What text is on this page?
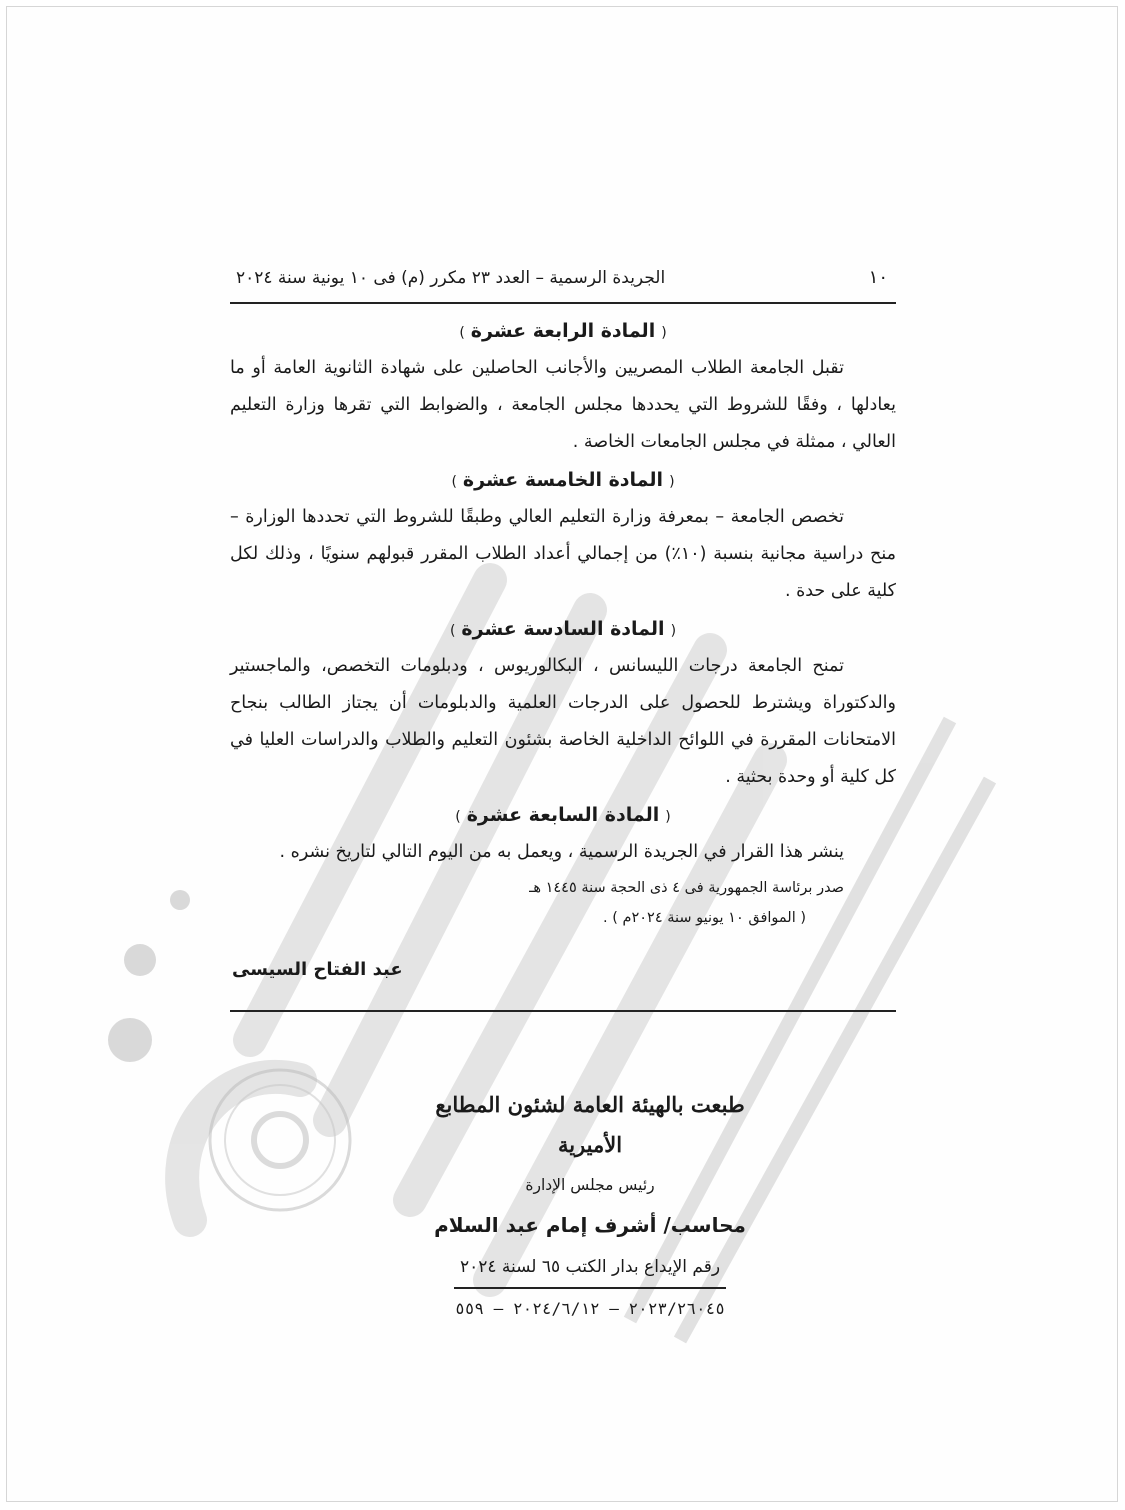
١٠
الجريدة الرسمية – العدد ٢٣ مكرر (م) فى ١٠ يونية سنة ٢٠٢٤

(المادة الرابعة عشرة)

تقبل الجامعة الطلاب المصريين والأجانب الحاصلين على شهادة الثانوية العامة أو ما يعادلها ، وفقًا للشروط التي يحددها مجلس الجامعة ، والضوابط التي تقرها وزارة التعليم العالي ، ممثلة في مجلس الجامعات الخاصة .

(المادة الخامسة عشرة)

تخصص الجامعة – بمعرفة وزارة التعليم العالي وطبقًا للشروط التي تحددها الوزارة – منح دراسية مجانية بنسبة (١٠٪) من إجمالي أعداد الطلاب المقرر قبولهم سنويًا ، وذلك لكل كلية على حدة .

(المادة السادسة عشرة)

تمنح الجامعة درجات الليسانس ، البكالوريوس ، ودبلومات التخصص، والماجستير والدكتوراة ويشترط للحصول على الدرجات العلمية والدبلومات أن يجتاز الطالب بنجاح الامتحانات المقررة في اللوائح الداخلية الخاصة بشئون التعليم والطلاب والدراسات العليا في كل كلية أو وحدة بحثية .

(المادة السابعة عشرة)

ينشر هذا القرار في الجريدة الرسمية ، ويعمل به من اليوم التالي لتاريخ نشره .

صدر برئاسة الجمهورية فى ٤ ذى الحجة سنة ١٤٤٥ هـ
( الموافق ١٠ يونيو سنة ٢٠٢٤م ) .
عبد الفتاح السيسى
طبعت بالهيئة العامة لشئون المطابع الأميرية
رئيس مجلس الإدارة
محاسب/ أشرف إمام عبد السلام
رقم الإيداع بدار الكتب ٦٥ لسنة ٢٠٢٤
٢٠٢٣/٢٦٠٤٥ – ٢٠٢٤/٦/١٢ – ٥٥٩
